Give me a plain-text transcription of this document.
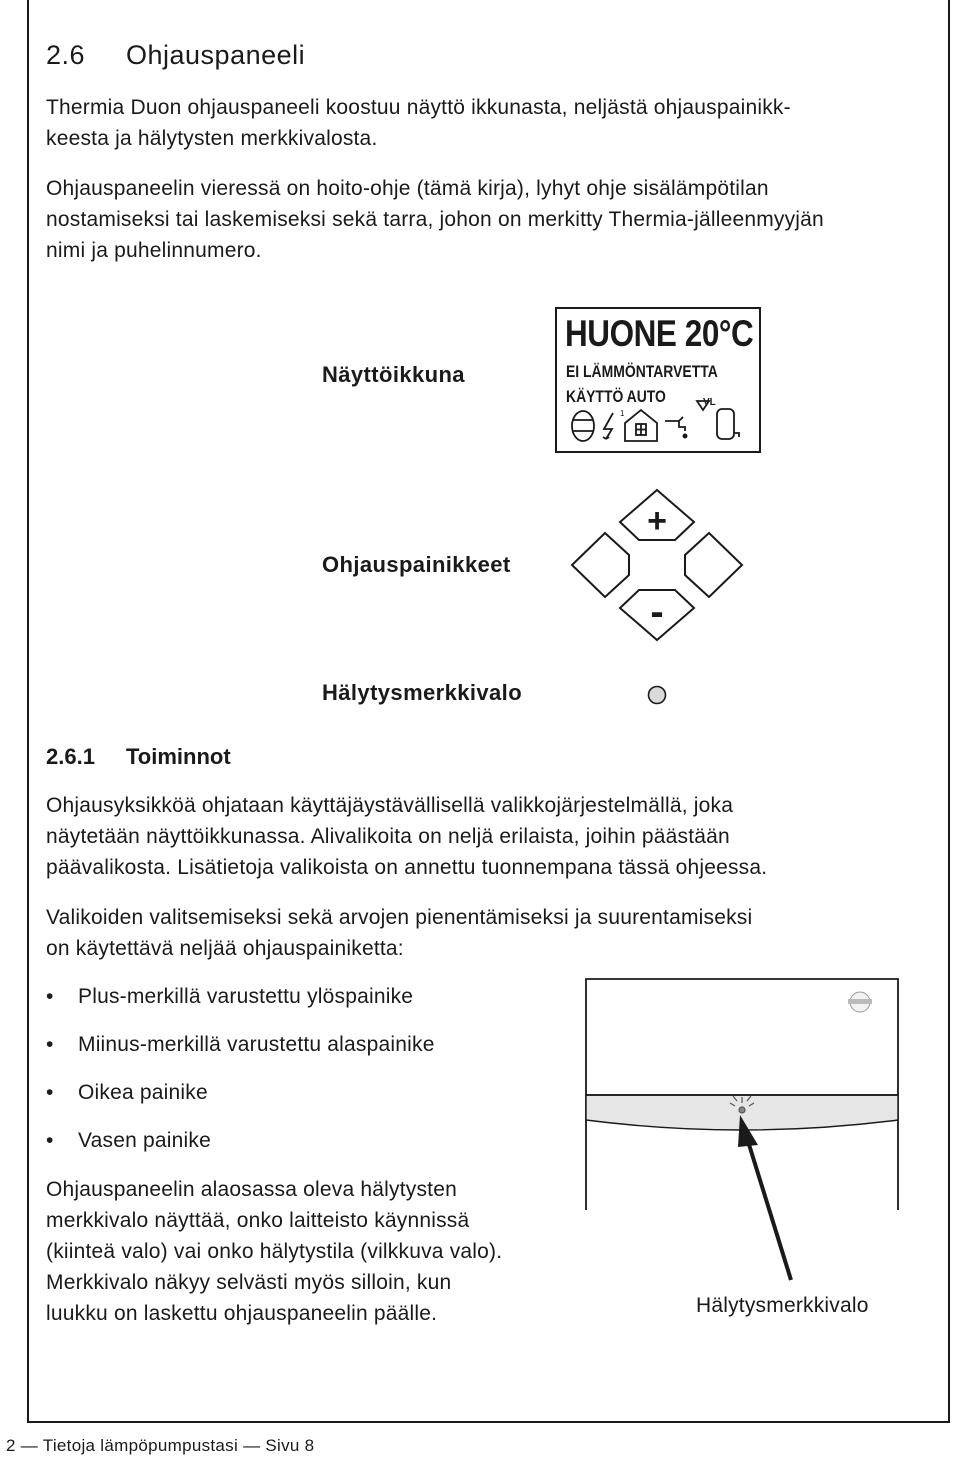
2.6 Ohjauspaneeli

Thermia Duon ohjauspaneeli koostuu näyttö ikkunasta, neljästä ohjauspainikk-
keesta ja hälytysten merkkivalosta.

Ohjauspaneelin vieressä on hoito-ohje (tämä kirja), lyhyt ohje sisälämpötilan
nostamiseksi tai laskemiseksi sekä tarra, johon on merkitty Thermia-jälleenmyyjän
nimi ja puhelinnumero.

Näyttöikkuna
HUONE 20°C
EI LÄMMÖNTARVETTA
KÄYTTÖ AUTO	VL
1
Ohjauspainikkeet
+
-
Hälytysmerkkivalo
2.6.1 Toiminnot

Ohjausyksikköä ohjataan käyttäjäystävällisellä valikkojärjestelmällä, joka
näytetään näyttöikkunassa. Alivalikoita on neljä erilaista, joihin päästään
päävalikosta. Lisätietoja valikoista on annettu tuonnempana tässä ohjeessa.

Valikoiden valitsemiseksi sekä arvojen pienentämiseksi ja suurentamiseksi
on käytettävä neljää ohjauspainiketta:

• Plus-merkillä varustettu ylöspainike
• Miinus-merkillä varustettu alaspainike
• Oikea painike
• Vasen painike

Ohjauspaneelin alaosassa oleva hälytysten
merkkivalo näyttää, onko laitteisto käynnissä
(kiinteä valo) vai onko hälytystila (vilkkuva valo).
Merkkivalo näkyy selvästi myös silloin, kun
luukku on laskettu ohjauspaneelin päälle.	Hälytysmerkkivalo
2 — Tietoja lämpöpumpustasi — Sivu 8
